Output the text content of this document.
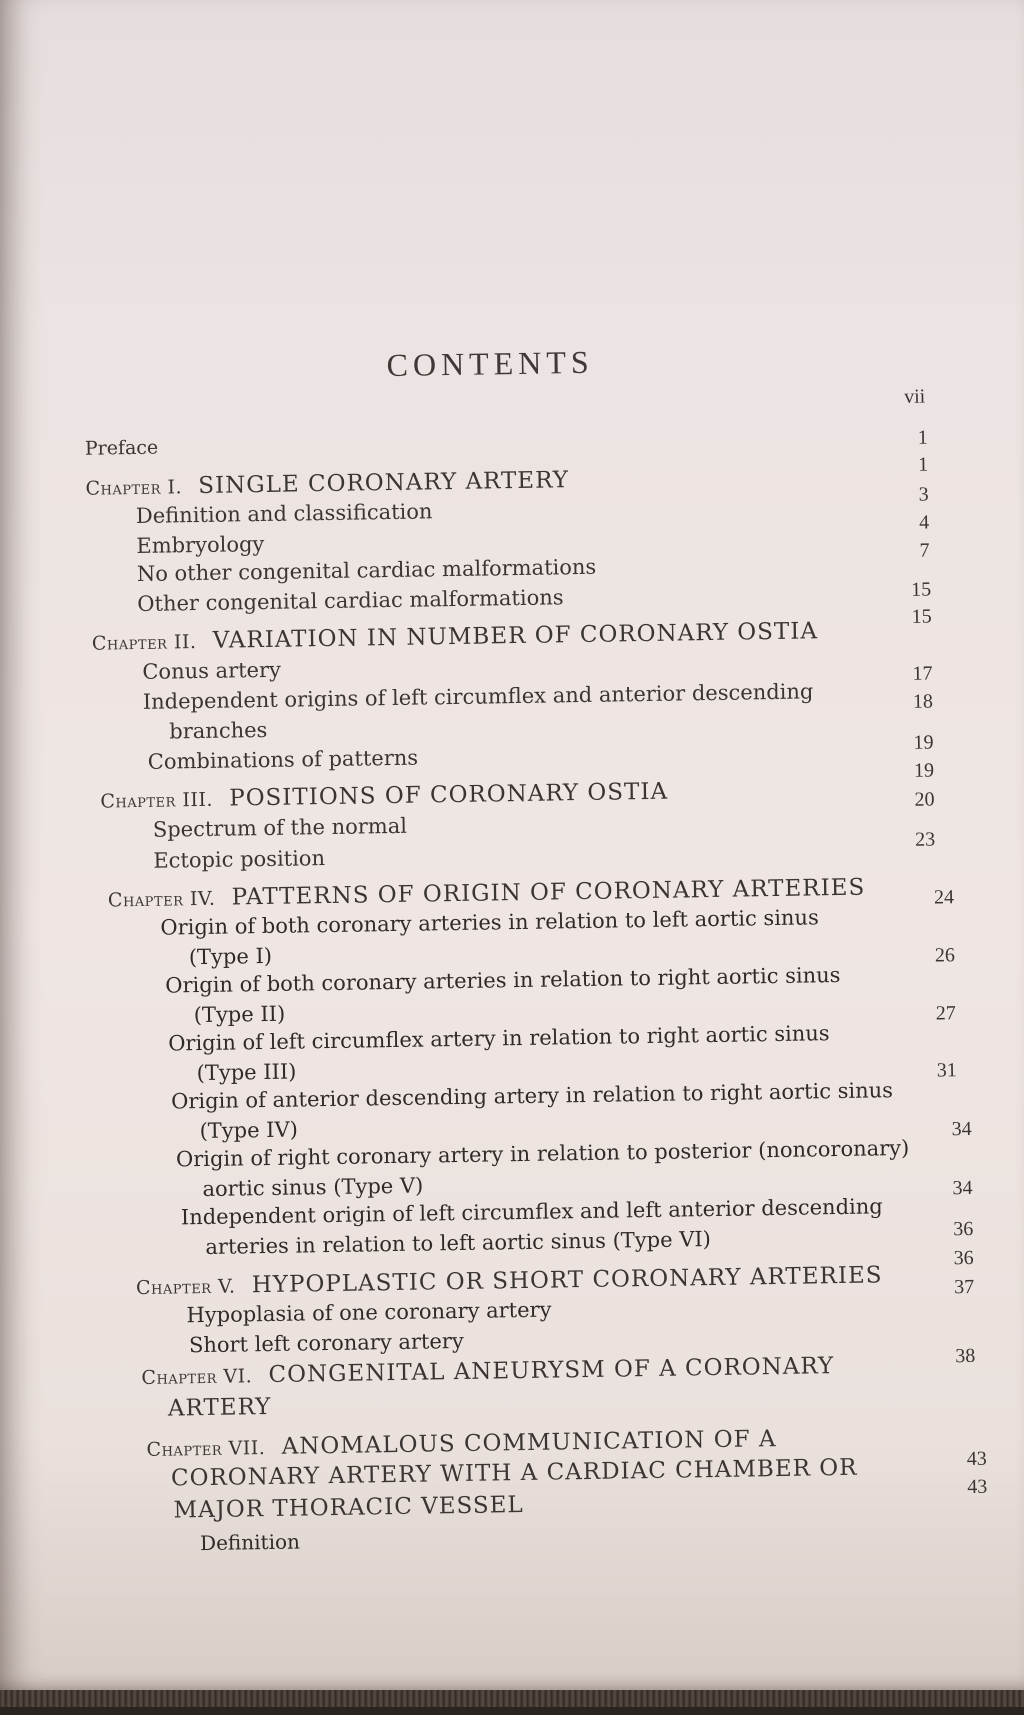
CONTENTS
vii
1
1
3
4
7
15
15
17
18
19
19
20
23
24
26
27
31
34
34
36
36
37
38
43
43
Preface
Chapter I. SINGLE CORONARY ARTERY
Definition and classification
Embryology
No other congenital cardiac malformations
Other congenital cardiac malformations
Chapter II. VARIATION IN NUMBER OF CORONARY OSTIA
Conus artery
Independent origins of left circumflex and anterior descending
branches
Combinations of patterns
Chapter III. POSITIONS OF CORONARY OSTIA
Spectrum of the normal
Ectopic position
Chapter IV. PATTERNS OF ORIGIN OF CORONARY ARTERIES
Origin of both coronary arteries in relation to left aortic sinus
(Type I)
Origin of both coronary arteries in relation to right aortic sinus
(Type II)
Origin of left circumflex artery in relation to right aortic sinus
(Type III)
Origin of anterior descending artery in relation to right aortic sinus
(Type IV)
Origin of right coronary artery in relation to posterior (noncoronary)
aortic sinus (Type V)
Independent origin of left circumflex and left anterior descending
arteries in relation to left aortic sinus (Type VI)
Chapter V. HYPOPLASTIC OR SHORT CORONARY ARTERIES
Hypoplasia of one coronary artery
Short left coronary artery
Chapter VI. CONGENITAL ANEURYSM OF A CORONARY
ARTERY
Chapter VII. ANOMALOUS COMMUNICATION OF A
CORONARY ARTERY WITH A CARDIAC CHAMBER OR
MAJOR THORACIC VESSEL
Definition
